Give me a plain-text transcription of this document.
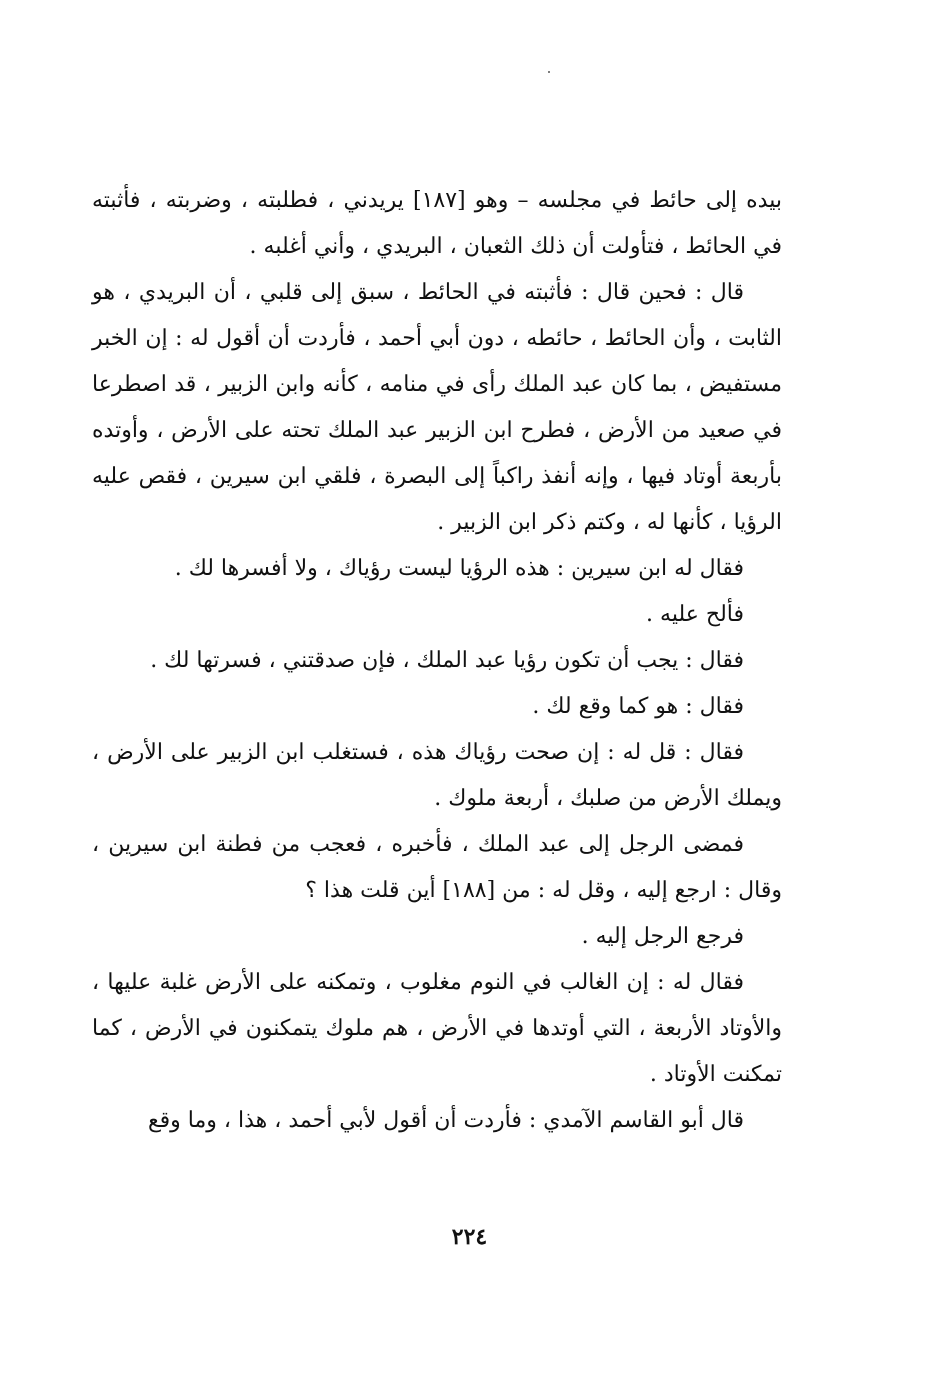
بيده إلى حائط في مجلسه – وهو [١٨٧] يريدني ، فطلبته ، وضربته ، فأثبته في الحائط ، فتأولت أن ذلك الثعبان ، البريدي ، وأني أغلبه .

قال : فحين قال : فأثبته في الحائط ، سبق إلى قلبي ، أن البريدي ، هو الثابت ، وأن الحائط ، حائطه ، دون أبي أحمد ، فأردت أن أقول له : إن الخبر مستفيض ، بما كان عبد الملك رأى في منامه ، كأنه وابن الزبير ، قد اصطرعا في صعيد من الأرض ، فطرح ابن الزبير عبد الملك تحته على الأرض ، وأوتده بأربعة أوتاد فيها ، وإنه أنفذ راكباً إلى البصرة ، فلقي ابن سيرين ، فقص عليه الرؤيا ، كأنها له ، وكتم ذكر ابن الزبير .

فقال له ابن سيرين : هذه الرؤيا ليست رؤياك ، ولا أفسرها لك .

فألح عليه .

فقال : يجب أن تكون رؤيا عبد الملك ، فإن صدقتني ، فسرتها لك .

فقال : هو كما وقع لك .

فقال : قل له : إن صحت رؤياك هذه ، فستغلب ابن الزبير على الأرض ، ويملك الأرض من صلبك ، أربعة ملوك .

فمضى الرجل إلى عبد الملك ، فأخبره ، فعجب من فطنة ابن سيرين ، وقال : ارجع إليه ، وقل له : من [١٨٨] أين قلت هذا ؟

فرجع الرجل إليه .

فقال له : إن الغالب في النوم مغلوب ، وتمكنه على الأرض غلبة عليها ، والأوتاد الأربعة ، التي أوتدها في الأرض ، هم ملوك يتمكنون في الأرض ، كما تمكنت الأوتاد .

قال أبو القاسم الآمدي : فأردت أن أقول لأبي أحمد ، هذا ، وما وقع

٢٢٤
